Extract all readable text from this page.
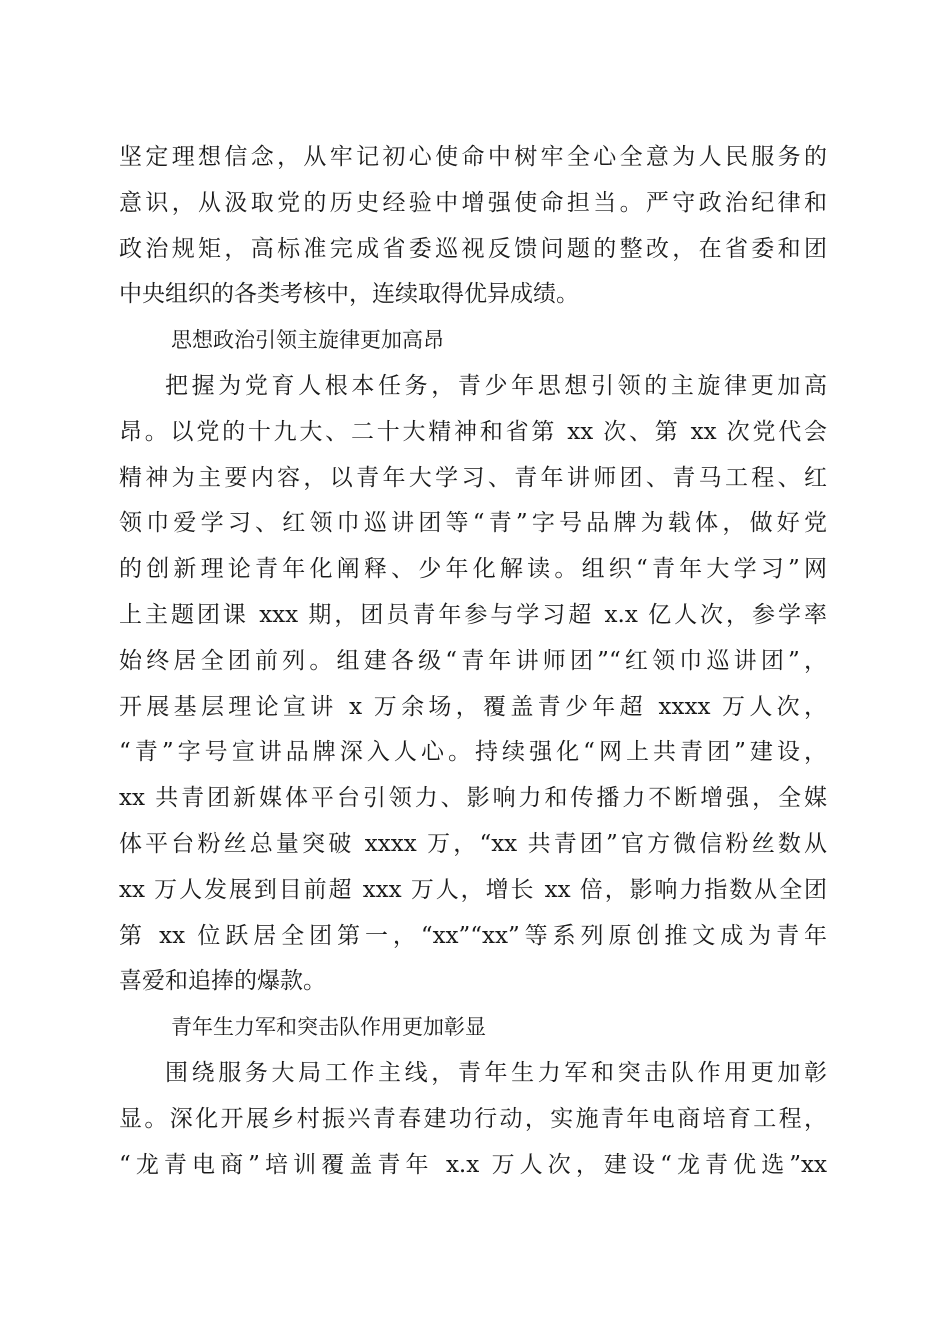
坚定理想信念，从牢记初心使命中树牢全心全意为人民服务的
意识，从汲取党的历史经验中增强使命担当。严守政治纪律和
政治规矩，高标准完成省委巡视反馈问题的整改，在省委和团
中央组织的各类考核中，连续取得优异成绩。
思想政治引领主旋律更加高昂
把握为党育人根本任务，青少年思想引领的主旋律更加高
昂。以党的十九大、二十大精神和省第 xx 次、第 xx 次党代会
精神为主要内容，以青年大学习、青年讲师团、青马工程、红
领巾爱学习、红领巾巡讲团等“青”字号品牌为载体，做好党
的创新理论青年化阐释、少年化解读。组织“青年大学习”网
上主题团课 xxx 期，团员青年参与学习超 x.x 亿人次，参学率
始终居全团前列。组建各级“青年讲师团”“红领巾巡讲团”，
开展基层理论宣讲 x 万余场，覆盖青少年超 xxxx 万人次，
“青”字号宣讲品牌深入人心。持续强化“网上共青团”建设，
xx 共青团新媒体平台引领力、影响力和传播力不断增强，全媒
体平台粉丝总量突破 xxxx 万，“xx 共青团”官方微信粉丝数从
xx 万人发展到目前超 xxx 万人，增长 xx 倍，影响力指数从全团
第 xx 位跃居全团第一，“xx”“xx”等系列原创推文成为青年
喜爱和追捧的爆款。
青年生力军和突击队作用更加彰显
围绕服务大局工作主线，青年生力军和突击队作用更加彰
显。深化开展乡村振兴青春建功行动，实施青年电商培育工程，
“龙青电商”培训覆盖青年 x.x 万人次，建设“龙青优选”xx
